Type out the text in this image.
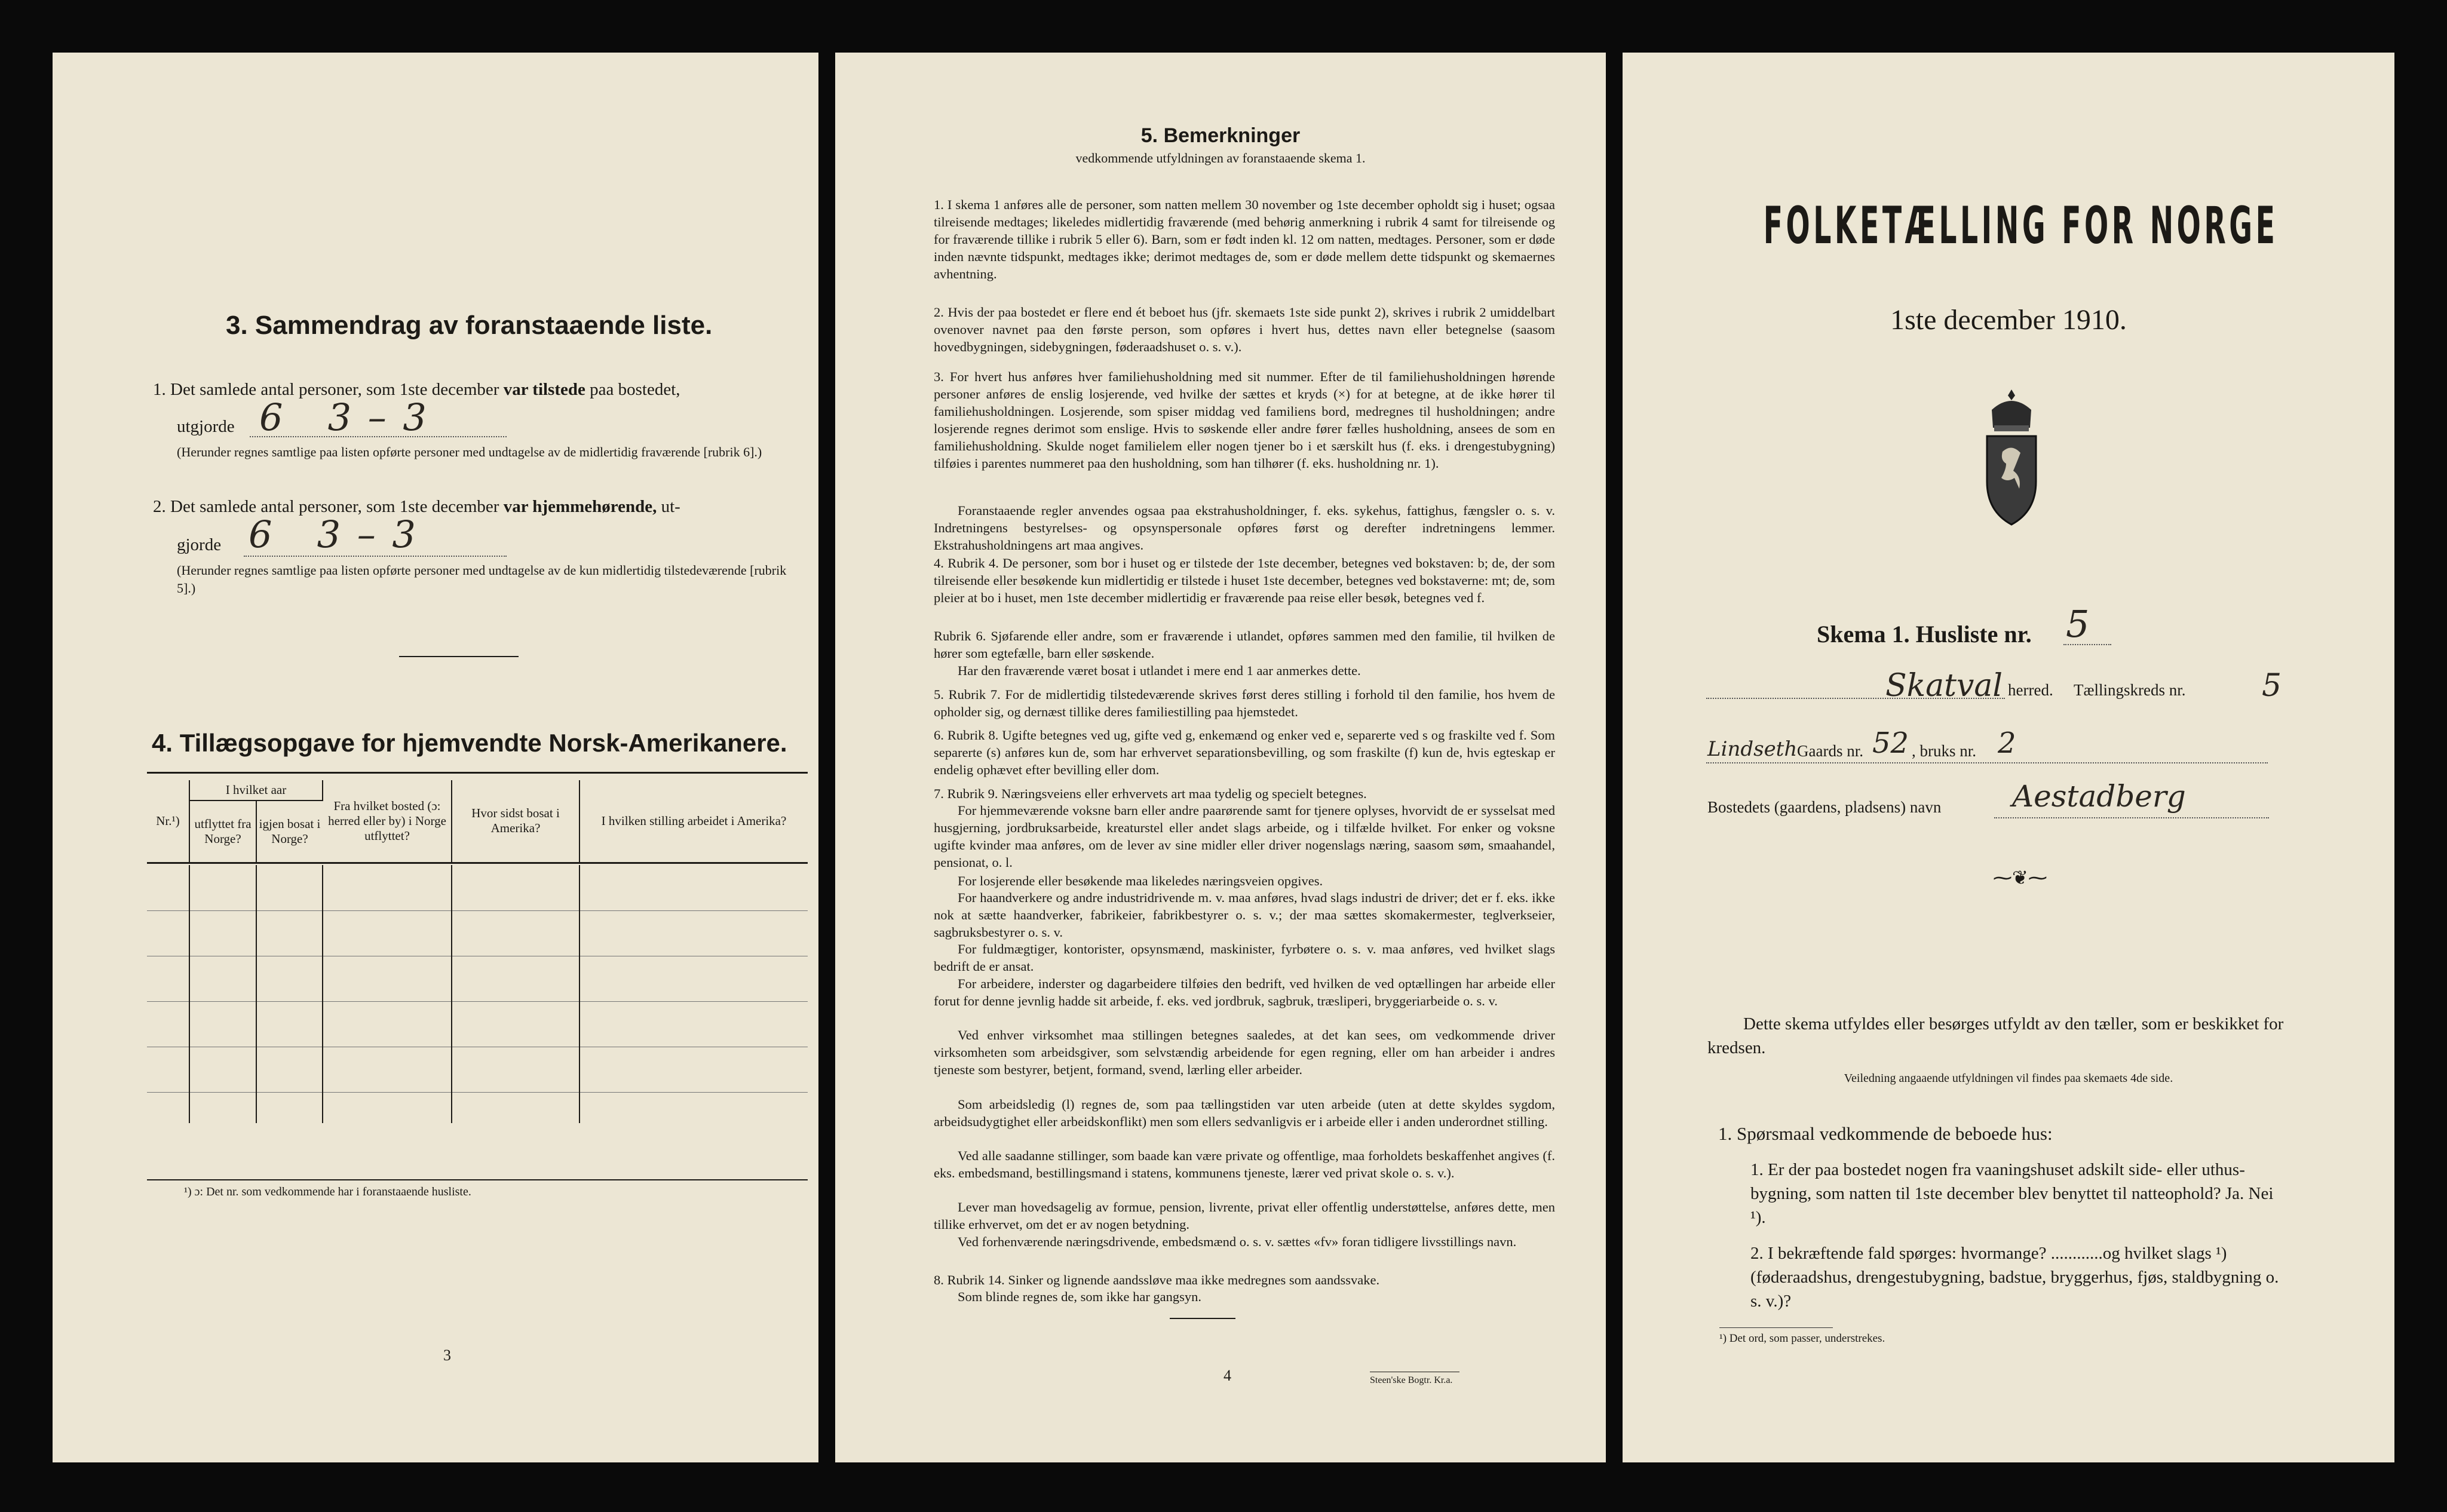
3. Sammendrag av foranstaaende liste.
1. Det samlede antal personer, som 1ste december var tilstede paa bostedet,
utgjorde 6   3 – 3
(Herunder regnes samtlige paa listen opførte personer med undtagelse av de midlertidig fraværende [rubrik 6].)
2. Det samlede antal personer, som 1ste december var hjemmehørende, ut-
gjorde 6   3 – 3
(Herunder regnes samtlige paa listen opførte personer med undtagelse av de kun midlertidig tilstedeværende [rubrik 5].)
4. Tillægsopgave for hjemvendte Norsk-Amerikanere.
Nr.¹)	I hvilket aar		Fra hvilket bosted (ɔ: herred eller by) i Norge utflyttet?	Hvor sidst bosat i Amerika?	I hvilken stilling arbeidet i Amerika?
	utflyttet fra Norge?	igjen bosat i Norge?			

¹) ɔ: Det nr. som vedkommende har i foranstaaende husliste.
3
5. Bemerkninger
vedkommende utfyldningen av foranstaaende skema 1.
1. I skema 1 anføres alle de personer, som natten mellem 30 november og 1ste december opholdt sig i huset; ogsaa tilreisende medtages; likeledes midlertidig fraværende (med behørig anmerkning i rubrik 4 samt for tilreisende og for fraværende tillike i rubrik 5 eller 6). Barn, som er født inden kl. 12 om natten, medtages. Personer, som er døde inden nævnte tidspunkt, medtages ikke; derimot medtages de, som er døde mellem dette tidspunkt og skemaernes avhentning.
2. Hvis der paa bostedet er flere end ét beboet hus (jfr. skemaets 1ste side punkt 2), skrives i rubrik 2 umiddelbart ovenover navnet paa den første person, som opføres i hvert hus, dettes navn eller betegnelse (saasom hovedbygningen, sidebygningen, føderaadshuset o. s. v.).
3. For hvert hus anføres hver familiehusholdning med sit nummer. Efter de til familiehusholdningen hørende personer anføres de enslig losjerende, ved hvilke der sættes et kryds (×) for at betegne, at de ikke hører til familiehusholdningen. Losjerende, som spiser middag ved familiens bord, medregnes til husholdningen; andre losjerende regnes derimot som enslige. Hvis to søskende eller andre fører fælles husholdning, ansees de som en familiehusholdning. Skulde noget familielem eller nogen tjener bo i et særskilt hus (f. eks. i drengestubygning) tilføies i parentes nummeret paa den husholdning, som han tilhører (f. eks. husholdning nr. 1).
Foranstaaende regler anvendes ogsaa paa ekstrahusholdninger, f. eks. sykehus, fattighus, fængsler o. s. v. Indretningens bestyrelses- og opsynspersonale opføres først og derefter indretningens lemmer. Ekstrahusholdningens art maa angives.
4. Rubrik 4. De personer, som bor i huset og er tilstede der 1ste december, betegnes ved bokstaven: b; de, der som tilreisende eller besøkende kun midlertidig er tilstede i huset 1ste december, betegnes ved bokstaverne: mt; de, som pleier at bo i huset, men 1ste december midlertidig er fraværende paa reise eller besøk, betegnes ved f.
Rubrik 6. Sjøfarende eller andre, som er fraværende i utlandet, opføres sammen med den familie, til hvilken de hører som egtefælle, barn eller søskende.
Har den fraværende været bosat i utlandet i mere end 1 aar anmerkes dette.
5. Rubrik 7. For de midlertidig tilstedeværende skrives først deres stilling i forhold til den familie, hos hvem de opholder sig, og dernæst tillike deres familiestilling paa hjemstedet.
6. Rubrik 8. Ugifte betegnes ved ug, gifte ved g, enkemænd og enker ved e, separerte ved s og fraskilte ved f. Som separerte (s) anføres kun de, som har erhvervet separationsbevilling, og som fraskilte (f) kun de, hvis egteskap er endelig ophævet efter bevilling eller dom.
7. Rubrik 9. Næringsveiens eller erhvervets art maa tydelig og specielt betegnes.
For hjemmeværende voksne barn eller andre paarørende samt for tjenere oplyses, hvorvidt de er sysselsat med husgjerning, jordbruksarbeide, kreaturstel eller andet slags arbeide, og i tilfælde hvilket. For enker og voksne ugifte kvinder maa anføres, om de lever av sine midler eller driver nogenslags næring, saasom søm, smaahandel, pensionat, o. l.
For losjerende eller besøkende maa likeledes næringsveien opgives.
For haandverkere og andre industridrivende m. v. maa anføres, hvad slags industri de driver; det er f. eks. ikke nok at sætte haandverker, fabrikeier, fabrikbestyrer o. s. v.; der maa sættes skomakermester, teglverkseier, sagbruksbestyrer o. s. v.
For fuldmægtiger, kontorister, opsynsmænd, maskinister, fyrbøtere o. s. v. maa anføres, ved hvilket slags bedrift de er ansat.
For arbeidere, inderster og dagarbeidere tilføies den bedrift, ved hvilken de ved optællingen har arbeide eller forut for denne jevnlig hadde sit arbeide, f. eks. ved jordbruk, sagbruk, træsliperi, bryggeriarbeide o. s. v.
Ved enhver virksomhet maa stillingen betegnes saaledes, at det kan sees, om vedkommende driver virksomheten som arbeidsgiver, som selvstændig arbeidende for egen regning, eller om han arbeider i andres tjeneste som bestyrer, betjent, formand, svend, lærling eller arbeider.
Som arbeidsledig (l) regnes de, som paa tællingstiden var uten arbeide (uten at dette skyldes sygdom, arbeidsudygtighet eller arbeidskonflikt) men som ellers sedvanligvis er i arbeide eller i anden underordnet stilling.
Ved alle saadanne stillinger, som baade kan være private og offentlige, maa forholdets beskaffenhet angives (f. eks. embedsmand, bestillingsmand i statens, kommunens tjeneste, lærer ved privat skole o. s. v.).
Lever man hovedsagelig av formue, pension, livrente, privat eller offentlig understøttelse, anføres dette, men tillike erhvervet, om det er av nogen betydning.
Ved forhenværende næringsdrivende, embedsmænd o. s. v. sættes «fv» foran tidligere livsstillings navn.
8. Rubrik 14. Sinker og lignende aandssløve maa ikke medregnes som aandssvake.
Som blinde regnes de, som ikke har gangsyn.
4	Steen'ske Bogtr. Kr.a.
FOLKETÆLLING FOR NORGE
1ste december 1910.
Skema 1. Husliste nr. 5
Skatval herred. Tællingskreds nr. 5
Lindseth Gaards nr. 52 , bruks nr. 2
Bostedets (gaardens, pladsens) navn Aestadberg
⁓❦⁓
Dette skema utfyldes eller besørges utfyldt av den tæller, som er beskikket for kredsen.
Veiledning angaaende utfyldningen vil findes paa skemaets 4de side.
1. Spørsmaal vedkommende de beboede hus:
1. Er der paa bostedet nogen fra vaaningshuset adskilt side- eller uthus-bygning, som natten til 1ste december blev benyttet til natteophold? Ja. Nei ¹).
2. I bekræftende fald spørges: hvormange? ............og hvilket slags ¹) (føderaadshus, drengestubygning, badstue, bryggerhus, fjøs, staldbygning o. s. v.)?
¹) Det ord, som passer, understrekes.
